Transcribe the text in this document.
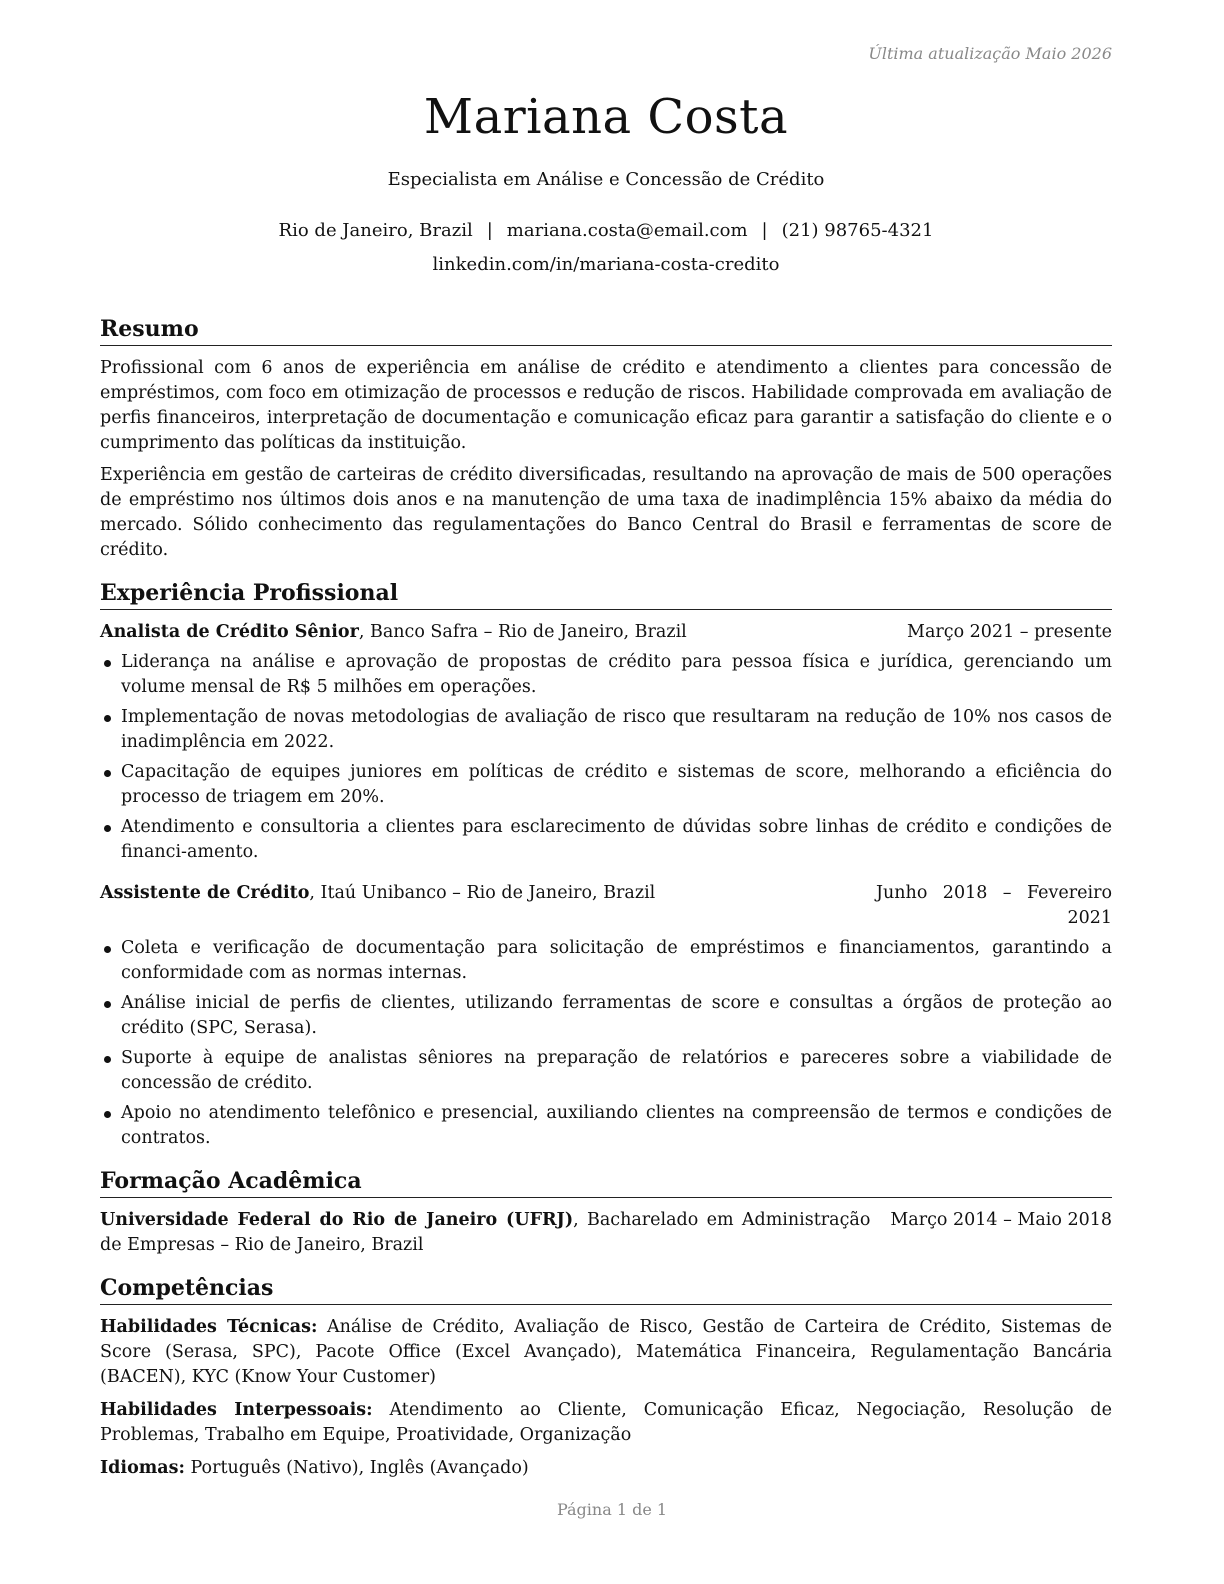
Última atualização Maio 2026
Mariana Costa
Especialista em Análise e Concessão de Crédito
Rio de Janeiro, Brazil | mariana.costa@email.com | (21) 98765-4321
linkedin.com/in/mariana-costa-credito
Resumo

Profissional com 6 anos de experiência em análise de crédito e atendimento a clientes para concessão de empréstimos, com foco em otimização de processos e redução de riscos. Habilidade comprovada em avaliação de perfis financeiros, interpretação de documentação e comunicação eficaz para garantir a satisfação do cliente e o cumprimento das políticas da instituição.

Experiência em gestão de carteiras de crédito diversificadas, resultando na aprovação de mais de 500 operações de empréstimo nos últimos dois anos e na manutenção de uma taxa de inadimplência 15% abaixo da média do mercado. Sólido conhecimento das regulamentações do Banco Central do Brasil e ferramentas de score de crédito.

Experiência Profissional
Analista de Crédito Sênior, Banco Safra – Rio de Janeiro, Brazil	Março 2021 – presente
Liderança na análise e aprovação de propostas de crédito para pessoa física e jurídica, gerenciando um volume mensal de R$ 5 milhões em operações.
Implementação de novas metodologias de avaliação de risco que resultaram na redução de 10% nos casos de inadimplência em 2022.
Capacitação de equipes juniores em políticas de crédito e sistemas de score, melhorando a eficiência do processo de triagem em 20%.
Atendimento e consultoria a clientes para esclarecimento de dúvidas sobre linhas de crédito e condições de financi-amento.
Assistente de Crédito, Itaú Unibanco – Rio de Janeiro, Brazil	Junho 2018 – Fevereiro 2021
Coleta e verificação de documentação para solicitação de empréstimos e financiamentos, garantindo a conformidade com as normas internas.
Análise inicial de perfis de clientes, utilizando ferramentas de score e consultas a órgãos de proteção ao crédito (SPC, Serasa).
Suporte à equipe de analistas sêniores na preparação de relatórios e pareceres sobre a viabilidade de concessão de crédito.
Apoio no atendimento telefônico e presencial, auxiliando clientes na compreensão de termos e condições de contratos.
Formação Acadêmica
Universidade Federal do Rio de Janeiro (UFRJ), Bacharelado em Administração de Empresas – Rio de Janeiro, Brazil
Março 2014 – Maio 2018
Competências

Habilidades Técnicas: Análise de Crédito, Avaliação de Risco, Gestão de Carteira de Crédito, Sistemas de Score (Serasa, SPC), Pacote Office (Excel Avançado), Matemática Financeira, Regulamentação Bancária (BACEN), KYC (Know Your Customer)

Habilidades Interpessoais: Atendimento ao Cliente, Comunicação Eficaz, Negociação, Resolução de Problemas, Trabalho em Equipe, Proatividade, Organização

Idiomas: Português (Nativo), Inglês (Avançado)

Página 1 de 1
